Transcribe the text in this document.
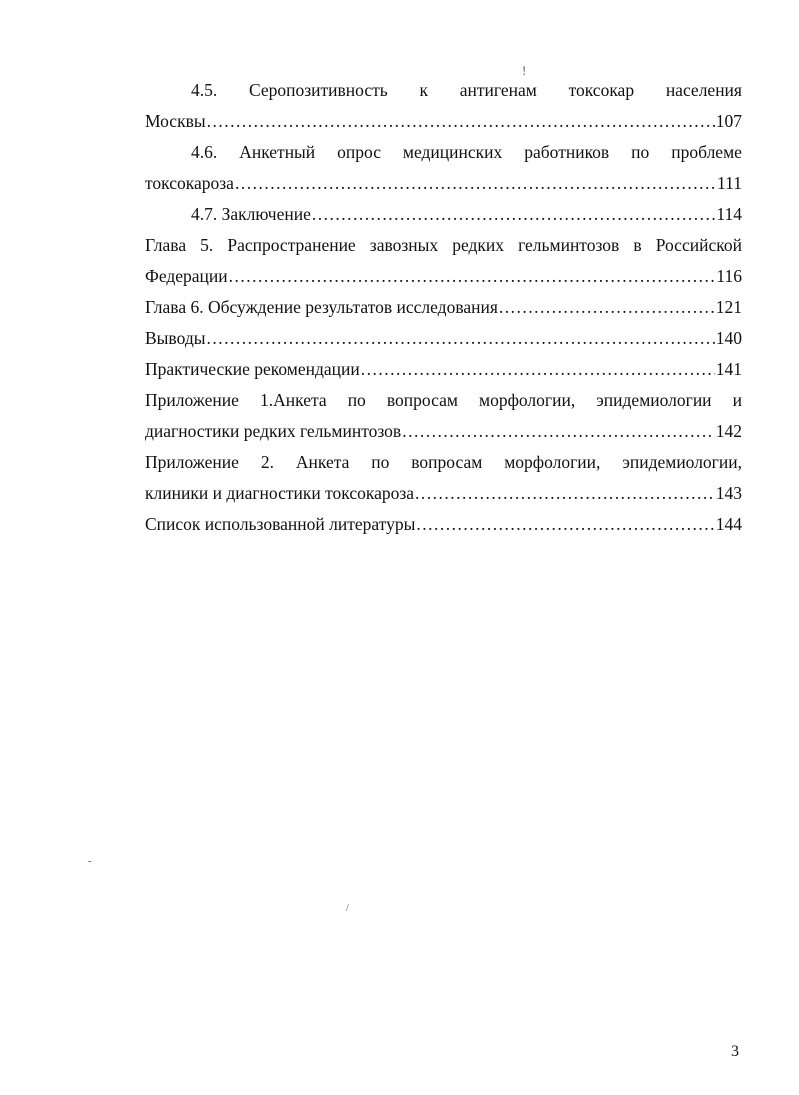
!
-
/
4.5. Серопозитивность к антигенам токсокар населения
Москвы .....	107
4.6. Анкетный опрос медицинских работников по проблеме
токсокароза .....	111
4.7. Заключение .....	114
Глава 5. Распространение завозных редких гельминтозов в Российской
Федерации .....	116
Глава 6. Обсуждение результатов исследования .....	121
Выводы .....	140
Практические рекомендации .....	141
Приложение 1.Анкета по вопросам морфологии, эпидемиологии и
диагностики редких гельминтозов .....	142
Приложение 2. Анкета по вопросам морфологии, эпидемиологии,
клиники и диагностики токсокароза .....	143
Список использованной литературы .....	144
3
